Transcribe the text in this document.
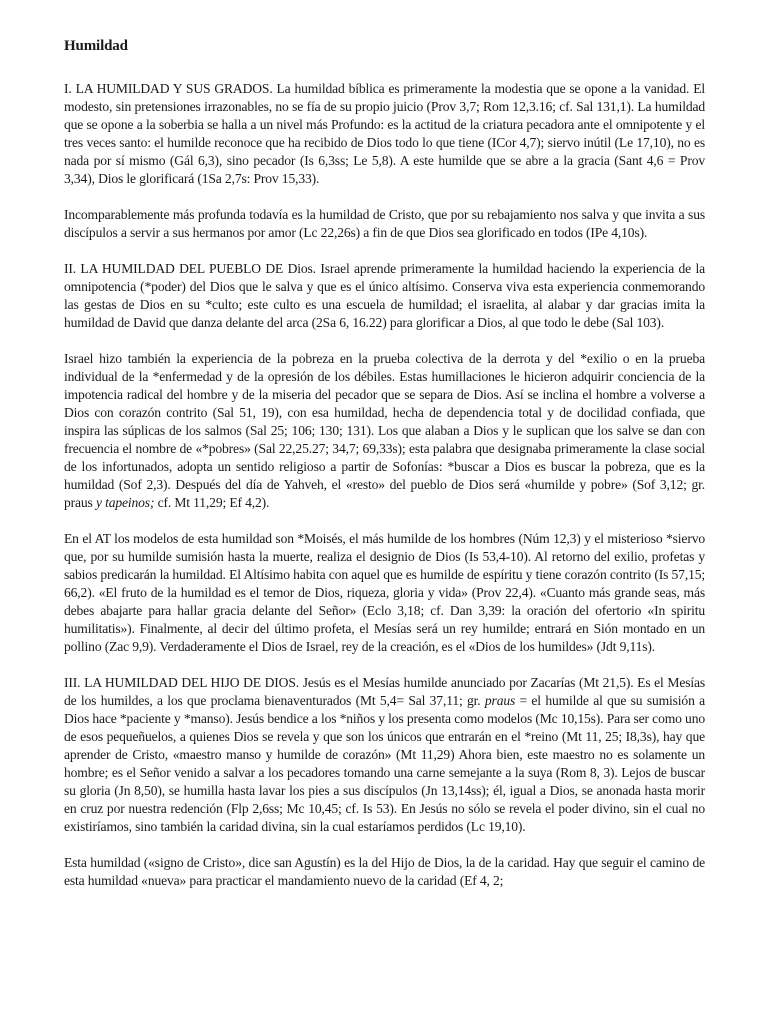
Humildad

I. LA HUMILDAD Y SUS GRADOS. La humildad bíblica es primeramente la modestia que se opone a la vanidad. El modesto, sin pretensiones irrazonables, no se fía de su propio juicio (Prov 3,7; Rom 12,3.16; cf. Sal 131,1). La humildad que se opone a la soberbia se halla a un nivel más Profundo: es la actitud de la criatura pecadora ante el omnipotente y el tres veces santo: el humilde reconoce que ha recibido de Dios todo lo que tiene (ICor 4,7); siervo inútil (Le 17,10), no es nada por sí mismo (Gál 6,3), sino pecador (Is 6,3ss; Le 5,8). A este humilde que se abre a la gracia (Sant 4,6 = Prov 3,34), Dios le glorificará (1Sa 2,7s: Prov 15,33).

Incomparablemente más profunda todavía es la humildad de Cristo, que por su rebajamiento nos salva y que invita a sus discípulos a servir a sus hermanos por amor (Lc 22,26s) a fin de que Dios sea glorificado en todos (IPe 4,10s).

II. LA HUMILDAD DEL PUEBLO DE Dios. Israel aprende primeramente la humildad haciendo la experiencia de la omnipotencia (*poder) del Dios que le salva y que es el único altísimo. Conserva viva esta experiencia conmemorando las gestas de Dios en su *culto; este culto es una escuela de humildad; el israelita, al alabar y dar gracias imita la humildad de David que danza delante del arca (2Sa 6, 16.22) para glorificar a Dios, al que todo le debe (Sal 103).

Israel hizo también la experiencia de la pobreza en la prueba colectiva de la derrota y del *exilio o en la prueba individual de la *enfermedad y de la opresión de los débiles. Estas humillaciones le hicieron adquirir conciencia de la impotencia radical del hombre y de la miseria del pecador que se separa de Dios. Así se inclina el hombre a volverse a Dios con corazón contrito (Sal 51, 19), con esa humildad, hecha de dependencia total y de docilidad confiada, que inspira las súplicas de los salmos (Sal 25; 106; 130; 131). Los que alaban a Dios y le suplican que los salve se dan con frecuencia el nombre de «*pobres» (Sal 22,25.27; 34,7; 69,33s); esta palabra que designaba primeramente la clase social de los infortunados, adopta un sentido religioso a partir de Sofonías: *buscar a Dios es buscar la pobreza, que es la humildad (Sof 2,3). Después del día de Yahveh, el «resto» del pueblo de Dios será «humilde y pobre» (Sof 3,12; gr. praus y tapeinos; cf. Mt 11,29; Ef 4,2).

En el AT los modelos de esta humildad son *Moisés, el más humilde de los hombres (Núm 12,3) y el misterioso *siervo que, por su humilde sumisión hasta la muerte, realiza el designio de Dios (Is 53,4-10). Al retorno del exilio, profetas y sabios predicarán la humildad. El Altísimo habita con aquel que es humilde de espíritu y tiene corazón contrito (Is 57,15; 66,2). «El fruto de la humildad es el temor de Dios, riqueza, gloria y vida» (Prov 22,4). «Cuanto más grande seas, más debes abajarte para hallar gracia delante del Señor» (Eclo 3,18; cf. Dan 3,39: la oración del ofertorio «In spiritu humilitatis»). Finalmente, al decir del último profeta, el Mesías será un rey humilde; entrará en Sión montado en un pollino (Zac 9,9). Verdaderamente el Dios de Israel, rey de la creación, es el «Dios de los humildes» (Jdt 9,11s).

III. LA HUMILDAD DEL HIJO DE DIOS. Jesús es el Mesías humilde anunciado por Zacarías (Mt 21,5). Es el Mesías de los humildes, a los que proclama bienaventurados (Mt 5,4= Sal 37,11; gr. praus = el humilde al que su sumisión a Dios hace *paciente y *manso). Jesús bendice a los *niños y los presenta como modelos (Mc 10,15s). Para ser como uno de esos pequeñuelos, a quienes Dios se revela y que son los únicos que entrarán en el *reino (Mt 11, 25; I8,3s), hay que aprender de Cristo, «maestro manso y humilde de corazón» (Mt 11,29) Ahora bien, este maestro no es solamente un hombre; es el Señor venido a salvar a los pecadores tomando una carne semejante a la suya (Rom 8, 3). Lejos de buscar su gloria (Jn 8,50), se humilla hasta lavar los pies a sus discípulos (Jn 13,14ss); él, igual a Dios, se anonada hasta morir en cruz por nuestra redención (Flp 2,6ss; Mc 10,45; cf. Is 53). En Jesús no sólo se revela el poder divino, sin el cual no existiríamos, sino también la caridad divina, sin la cual estaríamos perdidos (Lc 19,10).

Esta humildad («signo de Cristo», dice san Agustín) es la del Hijo de Dios, la de la caridad. Hay que seguir el camino de esta humildad «nueva» para practicar el mandamiento nuevo de la caridad (Ef 4, 2;
